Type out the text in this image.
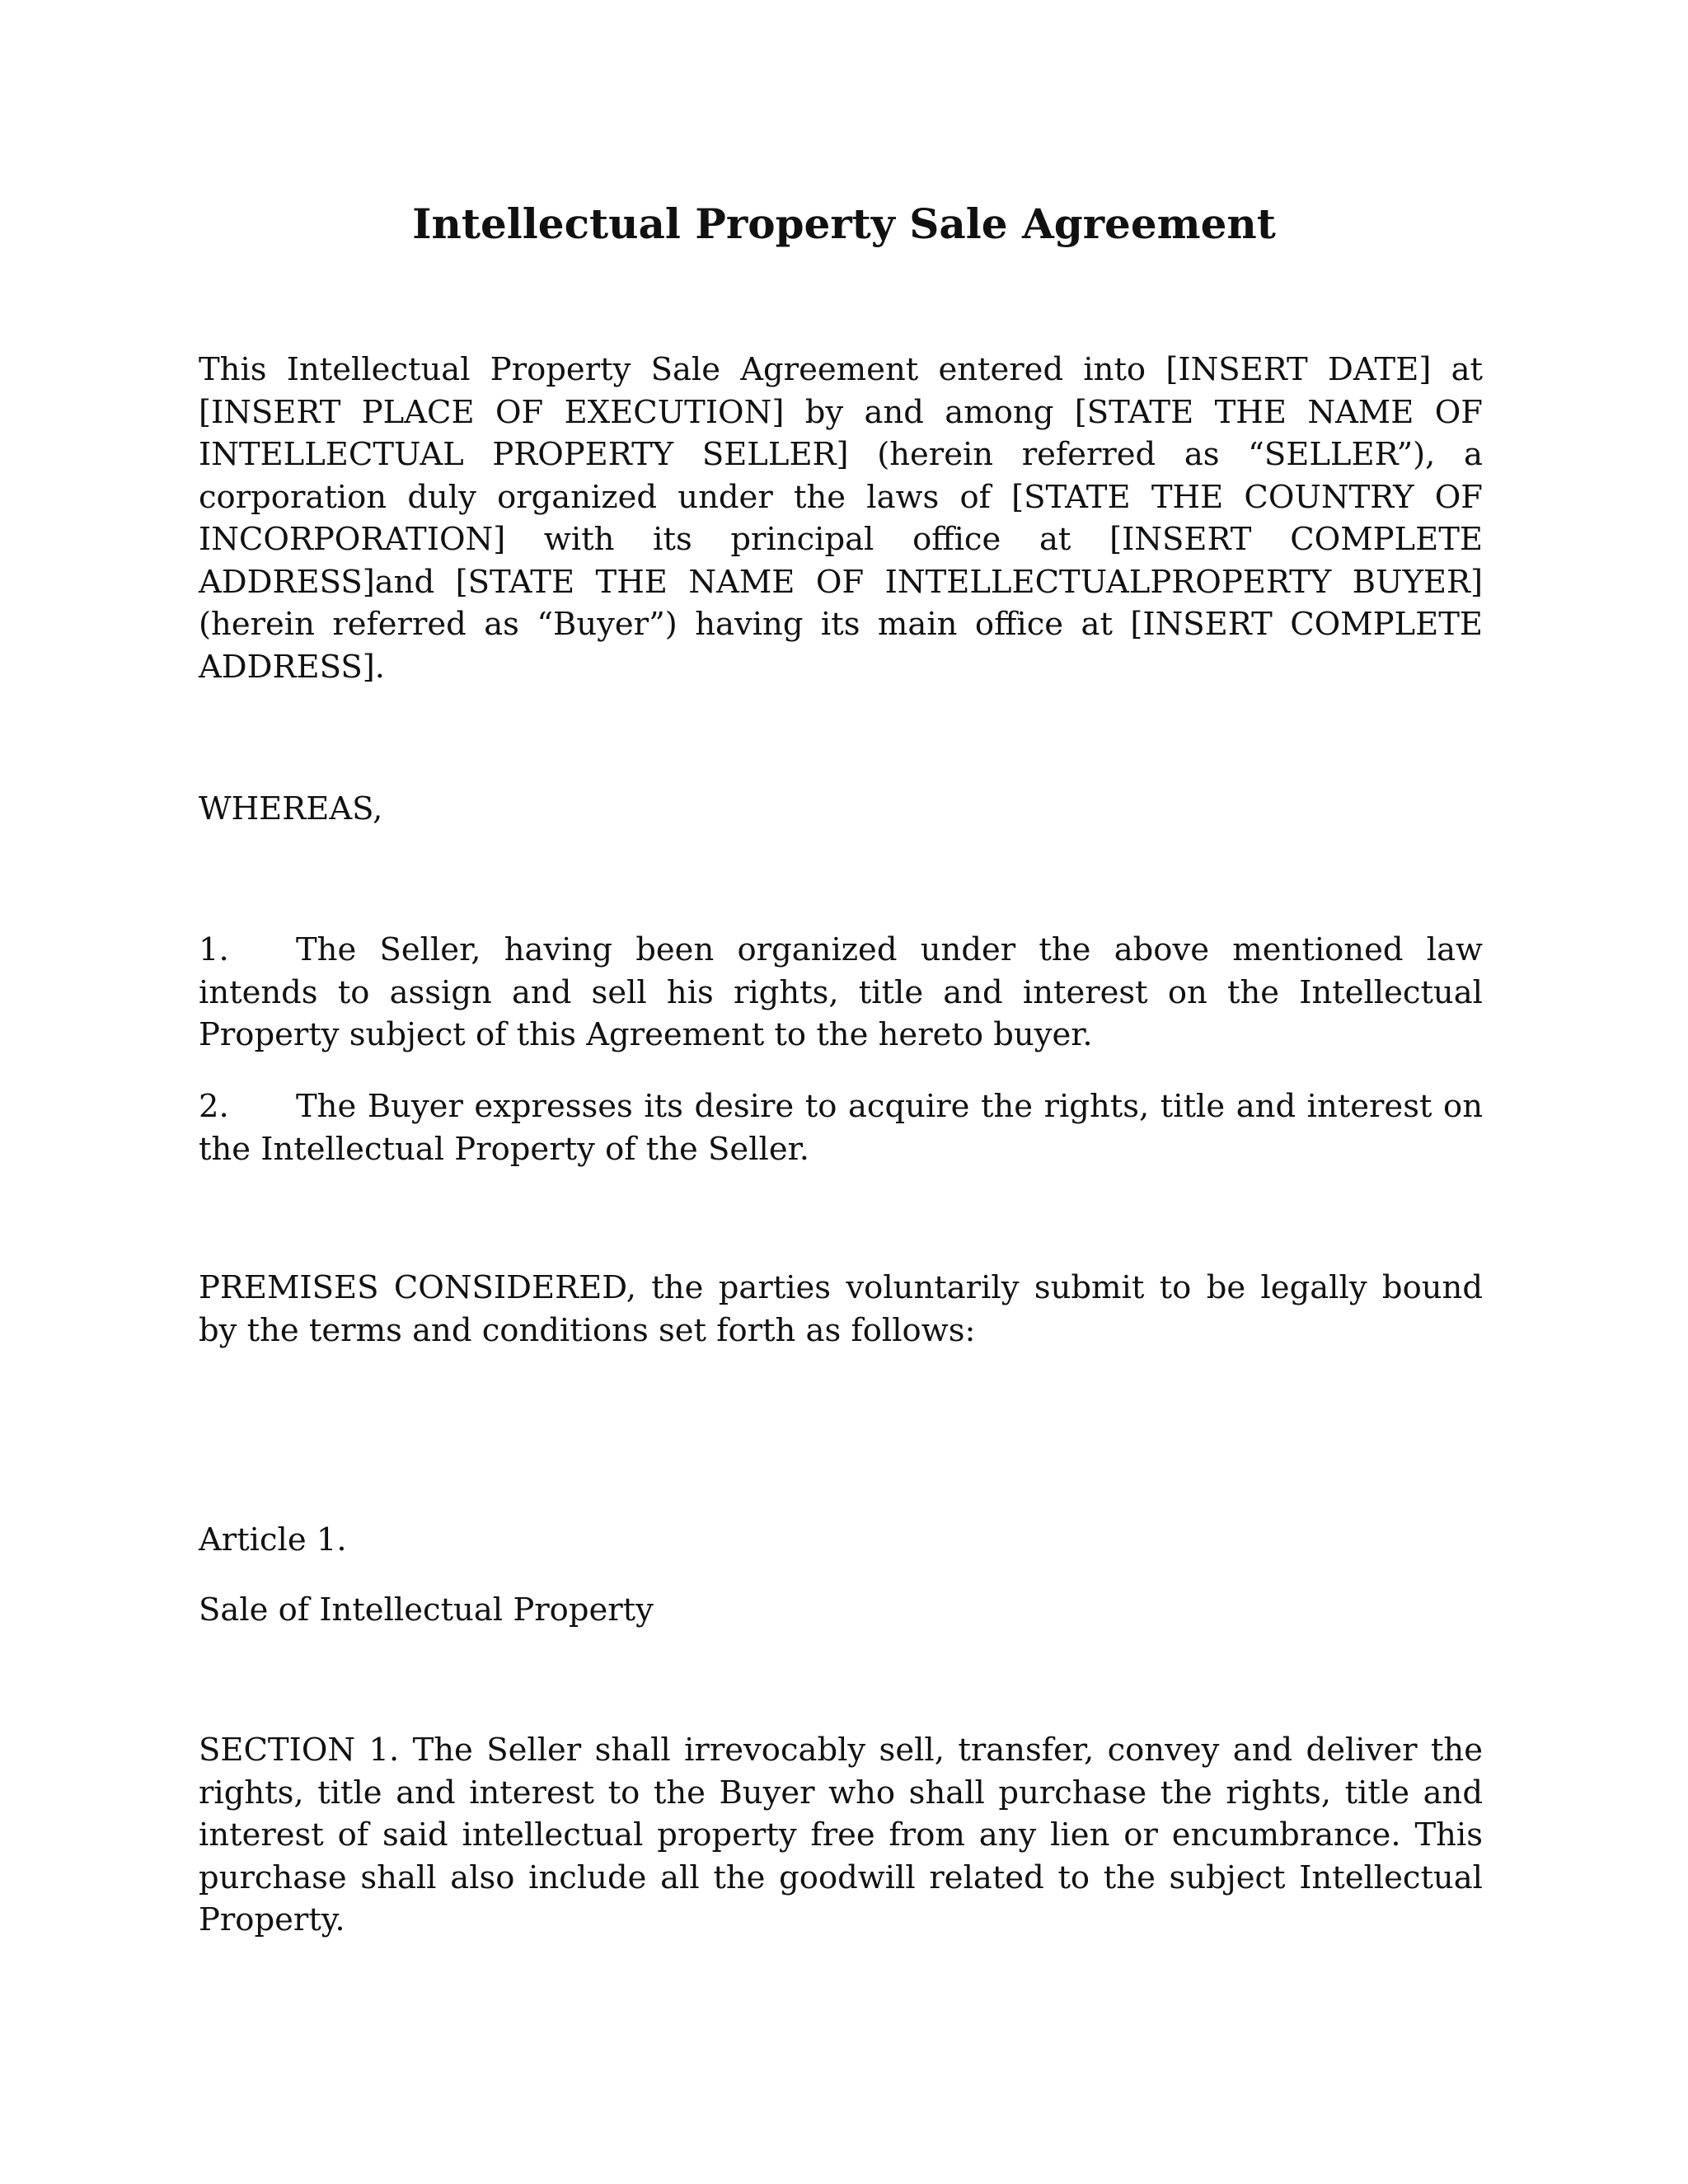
Intellectual Property Sale Agreement

This Intellectual Property Sale Agreement entered into [INSERT DATE] at [INSERT PLACE OF EXECUTION] by and among [STATE THE NAME OF INTELLECTUAL PROPERTY SELLER] (herein referred as “SELLER”), a corporation duly organized under the laws of [STATE THE COUNTRY OF INCORPORATION] with its principal office at [INSERT COMPLETE ADDRESS]and [STATE THE NAME OF INTELLECTUALPROPERTY BUYER] (herein referred as “Buyer”) having its main office at [INSERT COMPLETE ADDRESS].

WHEREAS,

1. The Seller, having been organized under the above mentioned law intends to assign and sell his rights, title and interest on the Intellectual Property subject of this Agreement to the hereto buyer.

2. The Buyer expresses its desire to acquire the rights, title and interest on the Intellectual Property of the Seller.

PREMISES CONSIDERED, the parties voluntarily submit to be legally bound by the terms and conditions set forth as follows:

Article 1.

Sale of Intellectual Property

SECTION 1. The Seller shall irrevocably sell, transfer, convey and deliver the rights, title and interest to the Buyer who shall purchase the rights, title and interest of said intellectual property free from any lien or encumbrance. This purchase shall also include all the goodwill related to the subject Intellectual Property.
